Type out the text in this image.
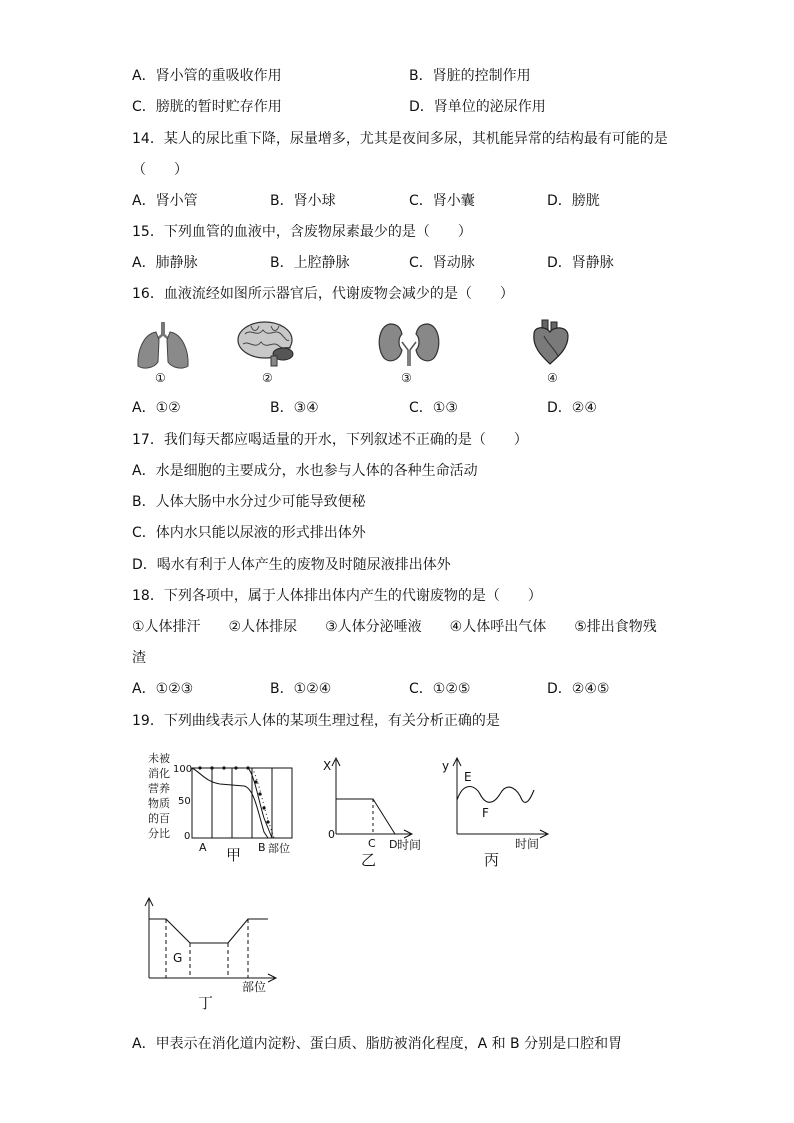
A．肾小管的重吸收作用	B．肾脏的控制作用
C．膀胱的暂时贮存作用	D．肾单位的泌尿作用
14．某人的尿比重下降，尿量增多，尤其是夜间多尿，其机能异常的结构最有可能的是
（　　）
A．肾小管	B．肾小球	C．肾小囊	D．膀胱
15．下列血管的血液中，含废物尿素最少的是（　　）
A．肺静脉	B．上腔静脉	C．肾动脉	D．肾静脉
16．血液流经如图所示器官后，代谢废物会减少的是（　　）
①	②	③	④
A．①②	B．③④	C．①③	D．②④
17．我们每天都应喝适量的开水，下列叙述不正确的是（　　）
A．水是细胞的主要成分，水也参与人体的各种生命活动
B．人体大肠中水分过少可能导致便秘
C．体内水只能以尿液的形式排出体外
D．喝水有利于人体产生的废物及时随尿液排出体外
18．下列各项中，属于人体排出体内产生的代谢废物的是（　　）
①人体排汗　　②人体排尿　　③人体分泌唾液　　④人体呼出气体　　⑤排出食物残
渣
A．①②③	B．①②④	C．①②⑤	D．②④⑤
19．下列曲线表示人体的某项生理过程，有关分析正确的是
未被
消化
营养
物质
的百
分比
100
50
0
A	B 部位
甲
X
0
C D 时间
乙
y
E
F
时间
丙
G
部位
丁
A．甲表示在消化道内淀粉、蛋白质、脂肪被消化程度，A 和 B 分别是口腔和胃
